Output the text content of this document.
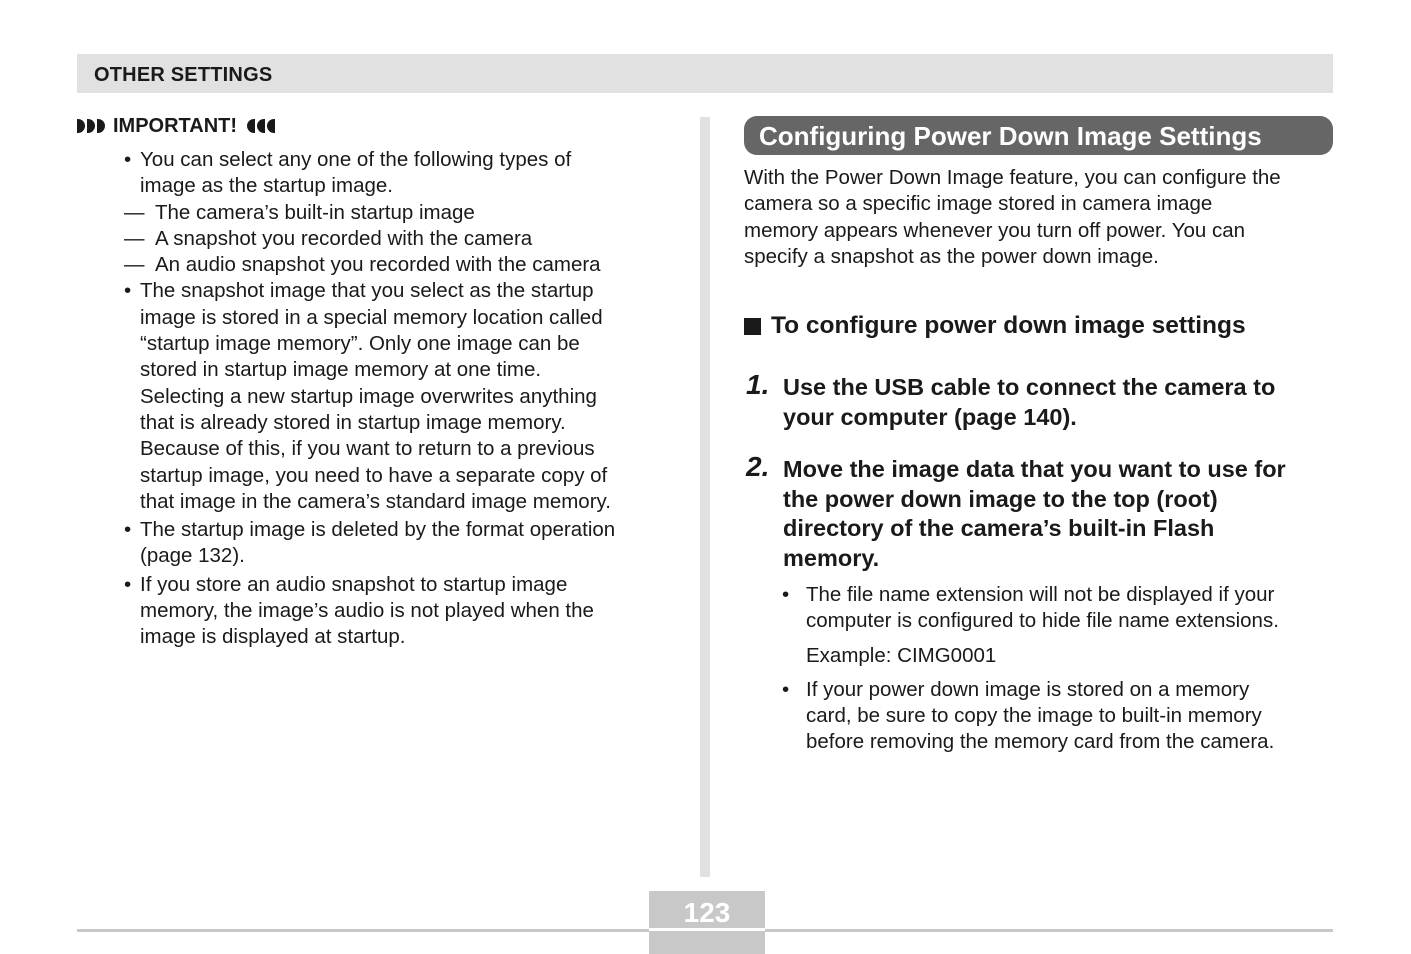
OTHER SETTINGS
IMPORTANT!
• You can select any one of the following types of
image as the startup image.
— The camera’s built-in startup image
— A snapshot you recorded with the camera
— An audio snapshot you recorded with the camera
• The snapshot image that you select as the startup
image is stored in a special memory location called
“startup image memory”. Only one image can be
stored in startup image memory at one time.
Selecting a new startup image overwrites anything
that is already stored in startup image memory.
Because of this, if you want to return to a previous
startup image, you need to have a separate copy of
that image in the camera’s standard image memory.
• The startup image is deleted by the format operation
(page 132).
• If you store an audio snapshot to startup image
memory, the image’s audio is not played when the
image is displayed at startup.
Configuring Power Down Image Settings
With the Power Down Image feature, you can configure the
camera so a specific image stored in camera image
memory appears whenever you turn off power. You can
specify a snapshot as the power down image.
To configure power down image settings
1. Use the USB cable to connect the camera to
your computer (page 140).
2. Move the image data that you want to use for
the power down image to the top (root)
directory of the camera’s built-in Flash
memory.
• The file name extension will not be displayed if your
computer is configured to hide file name extensions.
Example: CIMG0001
• If your power down image is stored on a memory
card, be sure to copy the image to built-in memory
before removing the memory card from the camera.
123
